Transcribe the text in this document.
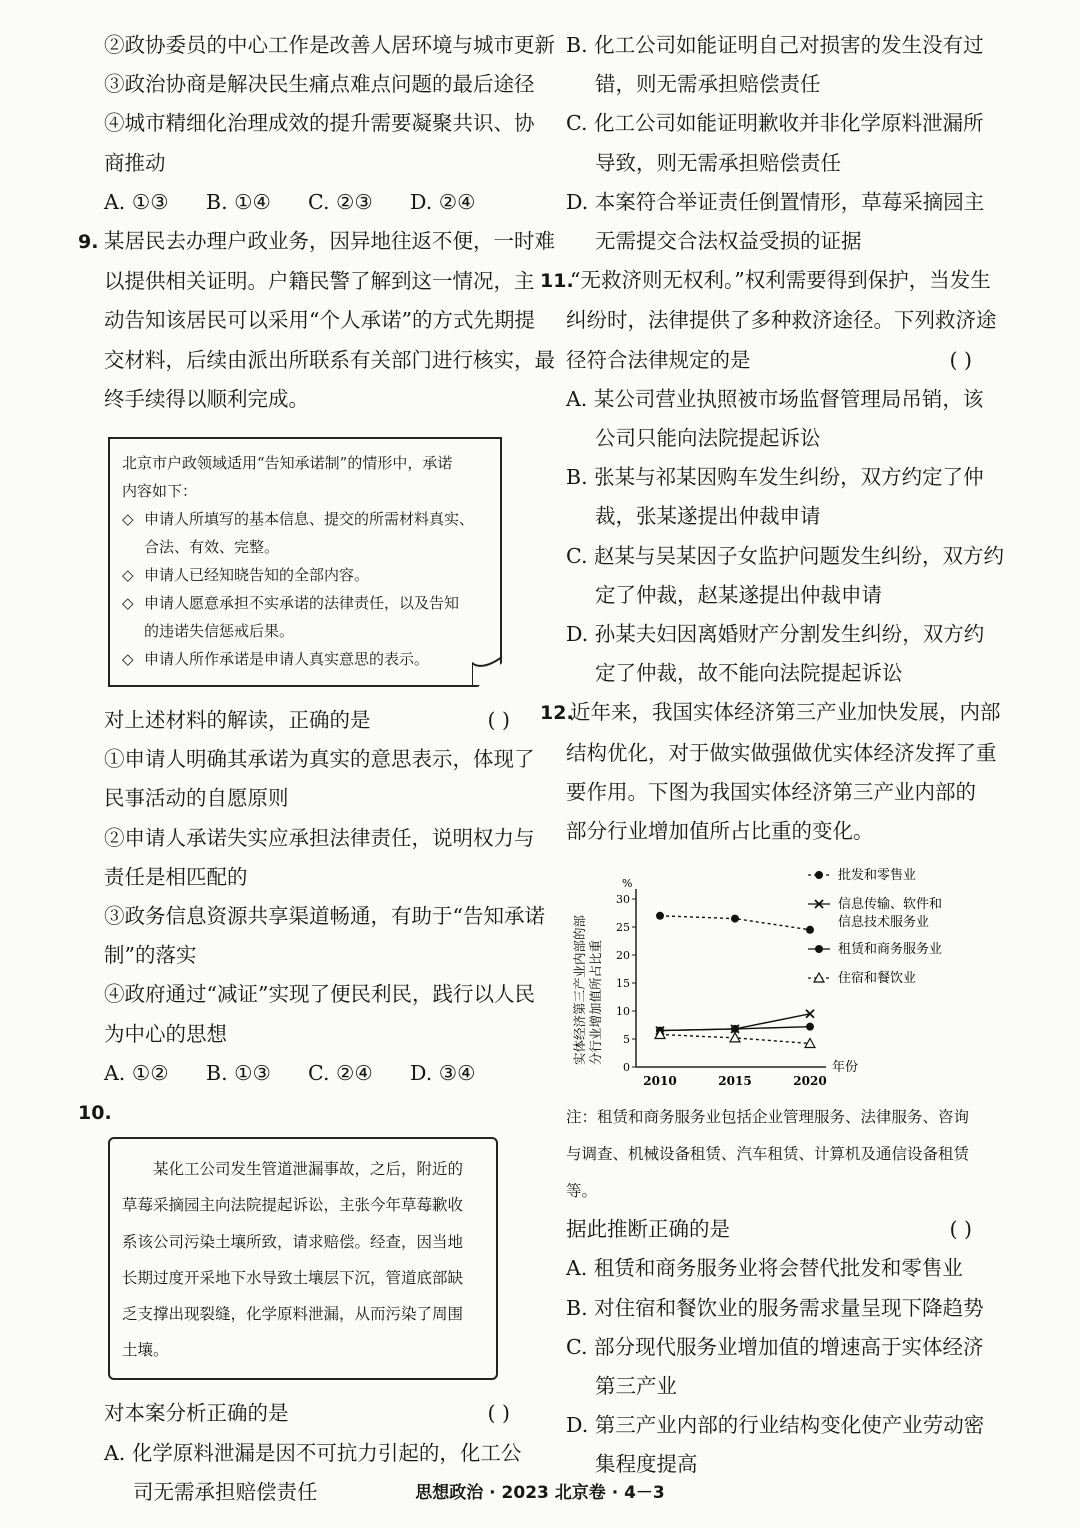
②政协委员的中心工作是改善人居环境与城市更新

③政治协商是解决民生痛点难点问题的最后途径

④城市精细化治理成效的提升需要凝聚共识、协

商推动

A. ①③	B. ①④	C. ②③	D. ②④

9. 某居民去办理户政业务，因异地往返不便，一时难

以提供相关证明。户籍民警了解到这一情况，主

动告知该居民可以采用“个人承诺”的方式先期提

交材料，后续由派出所联系有关部门进行核实，最

终手续得以顺利完成。

北京市户政领域适用“告知承诺制”的情形中，承诺
内容如下：
◇ 申请人所填写的基本信息、提交的所需材料真实、
合法、有效、完整。
◇ 申请人已经知晓告知的全部内容。
◇ 申请人愿意承担不实承诺的法律责任，以及告知
的违诺失信惩戒后果。
◇ 申请人所作承诺是申请人真实意思的表示。

对上述材料的解读，正确的是	( )

①申请人明确其承诺为真实的意思表示，体现了

民事活动的自愿原则

②申请人承诺失实应承担法律责任，说明权力与

责任是相匹配的

③政务信息资源共享渠道畅通，有助于“告知承诺

制”的落实

④政府通过“减证”实现了便民利民，践行以人民

为中心的思想

A. ①②	B. ①③	C. ②④	D. ③④

10.

　　某化工公司发生管道泄漏事故，之后，附近的
草莓采摘园主向法院提起诉讼，主张今年草莓歉收
系该公司污染土壤所致，请求赔偿。经查，因当地
长期过度开采地下水导致土壤层下沉，管道底部缺
乏支撑出现裂缝，化学原料泄漏，从而污染了周围
土壤。

对本案分析正确的是	( )

A. 化学原料泄漏是因不可抗力引起的，化工公

司无需承担赔偿责任

B. 化工公司如能证明自己对损害的发生没有过

错，则无需承担赔偿责任

C. 化工公司如能证明歉收并非化学原料泄漏所

导致，则无需承担赔偿责任

D. 本案符合举证责任倒置情形，草莓采摘园主

无需提交合法权益受损的证据

11.“无救济则无权利。”权利需要得到保护，当发生

纠纷时，法律提供了多种救济途径。下列救济途

径符合法律规定的是	( )

A. 某公司营业执照被市场监督管理局吊销，该

公司只能向法院提起诉讼

B. 张某与祁某因购车发生纠纷，双方约定了仲

裁，张某遂提出仲裁申请

C. 赵某与吴某因子女监护问题发生纠纷，双方约

定了仲裁，赵某遂提出仲裁申请

D. 孙某夫妇因离婚财产分割发生纠纷，双方约

定了仲裁，故不能向法院提起诉讼

12.近年来，我国实体经济第三产业加快发展，内部

结构优化，对于做实做强做优实体经济发挥了重

要作用。下图为我国实体经济第三产业内部的

部分行业增加值所占比重的变化。

0
5
10
15
20
25
30
%
2010	2015	2020
年份
实体经济第三产业内部的部 分行业增加值所占比重
批发和零售业
信息传输、软件和
信息技术服务业
租赁和商务服务业
住宿和餐饮业

注：租赁和商务服务业包括企业管理服务、法律服务、咨询与调查、机械设备租赁、汽车租赁、计算机及通信设备租赁等。

据此推断正确的是	( )

A. 租赁和商务服务业将会替代批发和零售业

B. 对住宿和餐饮业的服务需求量呈现下降趋势

C. 部分现代服务业增加值的增速高于实体经济

第三产业

D. 第三产业内部的行业结构变化使产业劳动密

集程度提高

思想政治 · 2023 北京卷 · 4－3
